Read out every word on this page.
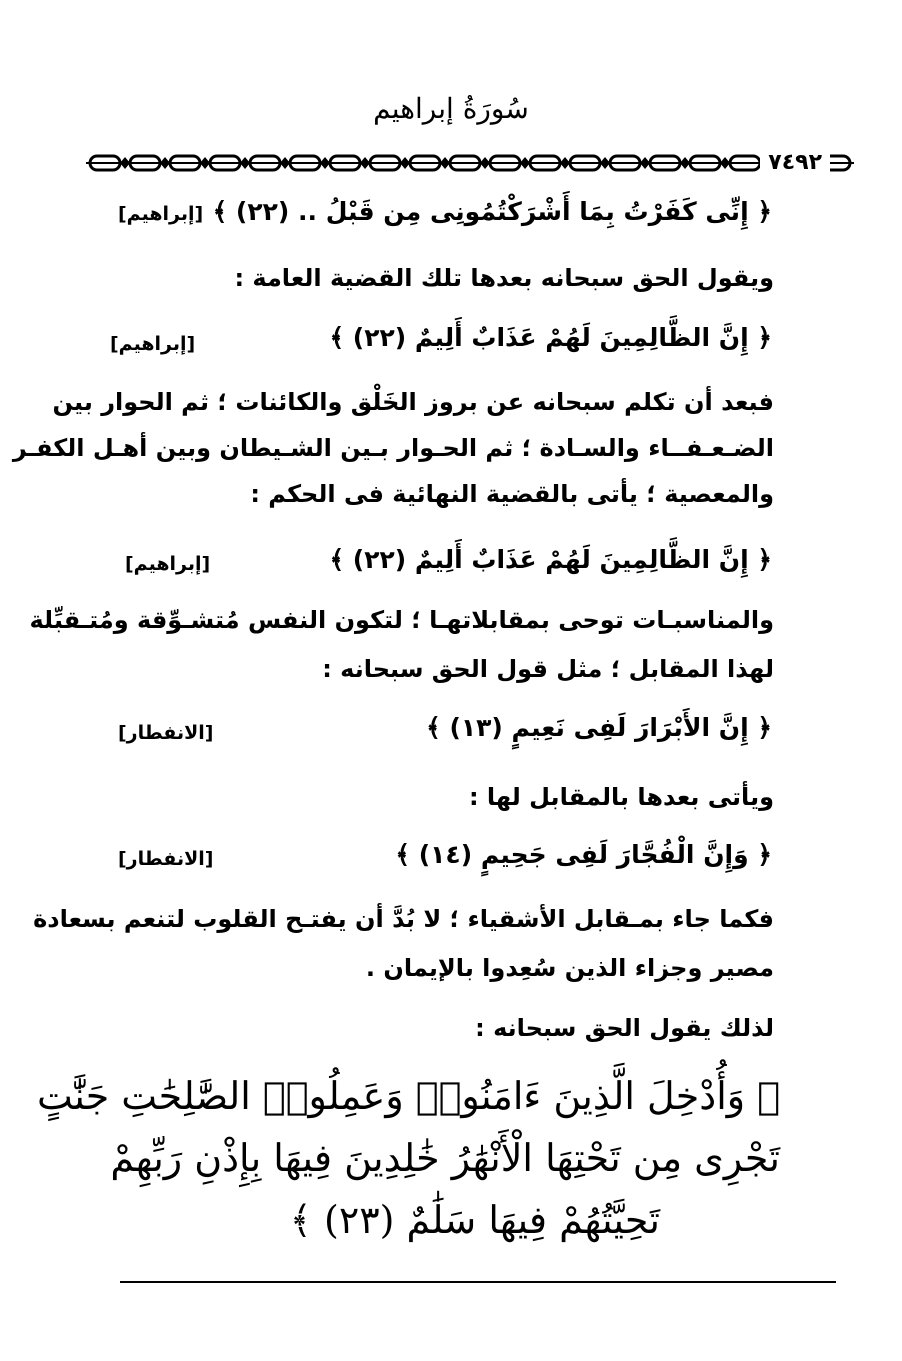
سُورَةُ إبراهيم
٧٤٩٢
﴿ إِنِّى كَفَرْتُ بِمَا أَشْرَكْتُمُونِى مِن قَبْلُ .. (٢٢) ﴾
[إبراهيم]
ويقول الحق سبحانه بعدها تلك القضية العامة :
﴿ إِنَّ الظَّالِمِينَ لَهُمْ عَذَابٌ أَلِيمٌ (٢٢) ﴾
[إبراهيم]
فبعد أن تكلم سبحانه عن بروز الخَلْق والكائنات ؛ ثم الحوار بين
الضـعـفــاء والسـادة ؛ ثم الحـوار بـين الشـيطان وبين أهـل الكفـر
والمعصية ؛ يأتى بالقضية النهائية فى الحكم :
﴿ إِنَّ الظَّالِمِينَ لَهُمْ عَذَابٌ أَلِيمٌ (٢٢) ﴾
[إبراهيم]
والمناسبـات توحى بمقابلاتهـا ؛ لتكون النفس مُتشـوِّقة ومُتـقبِّلة
لهذا المقابل ؛ مثل قول الحق سبحانه :
﴿ إِنَّ الأَبْرَارَ لَفِى نَعِيمٍ (١٣) ﴾
[الانفطار]
ويأتى بعدها بالمقابل لها :
﴿ وَإِنَّ الْفُجَّارَ لَفِى جَحِيمٍ (١٤) ﴾
[الانفطار]
فكما جاء بمـقابل الأشقياء ؛ لا بُدَّ أن يفتـح القلوب لتنعم بسعادة
مصير وجزاء الذين سُعِدوا بالإيمان .
لذلك يقول الحق سبحانه :
﴿ وَأُدْخِلَ الَّذِينَ ءَامَنُوا۟ وَعَمِلُوا۟ الصَّٰلِحَٰتِ جَنَّٰتٍ
تَجْرِى مِن تَحْتِهَا الْأَنْهَٰرُ خَٰلِدِينَ فِيهَا بِإِذْنِ رَبِّهِمْ
تَحِيَّتُهُمْ فِيهَا سَلَٰمٌ (٢٣) ﴾
